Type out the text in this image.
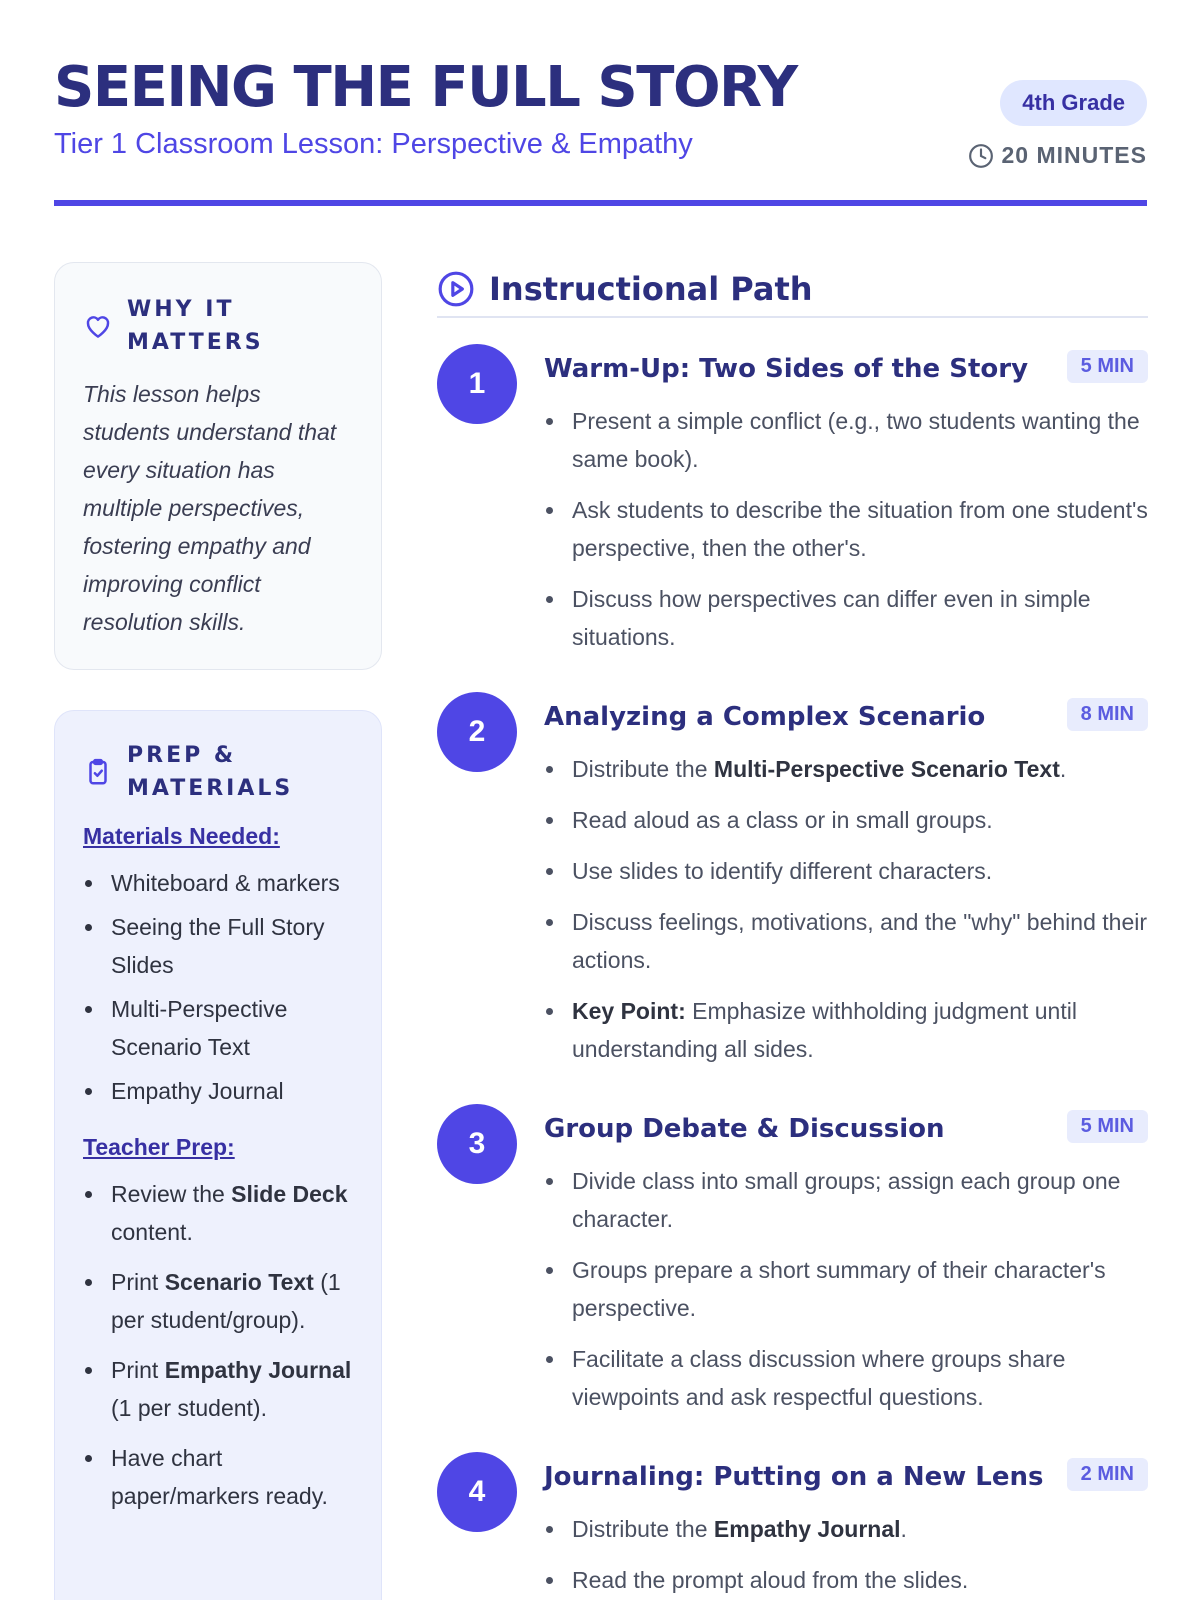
SEEING THE FULL STORY
Tier 1 Classroom Lesson: Perspective & Empathy
4th Grade
20 MINUTES
WHY IT MATTERS

This lesson helps students understand that every situation has multiple perspectives, fostering empathy and improving conflict resolution skills.

PREP & MATERIALS
Materials Needed:
Whiteboard & markers
Seeing the Full Story Slides
Multi-Perspective Scenario Text
Empathy Journal
Teacher Prep:
Review the Slide Deck content.
Print Scenario Text (1 per student/group).
Print Empathy Journal (1 per student).
Have chart paper/markers ready.
Instructional Path
1	Warm-Up: Two Sides of the Story	5 MIN
Present a simple conflict (e.g., two students wanting the same book).
Ask students to describe the situation from one student's perspective, then the other's.
Discuss how perspectives can differ even in simple situations.
2	Analyzing a Complex Scenario	8 MIN
Distribute the Multi-Perspective Scenario Text.
Read aloud as a class or in small groups.
Use slides to identify different characters.
Discuss feelings, motivations, and the "why" behind their actions.
Key Point: Emphasize withholding judgment until understanding all sides.
3	Group Debate & Discussion	5 MIN
Divide class into small groups; assign each group one character.
Groups prepare a short summary of their character's perspective.
Facilitate a class discussion where groups share viewpoints and ask respectful questions.
4	Journaling: Putting on a New Lens	2 MIN
Distribute the Empathy Journal.
Read the prompt aloud from the slides.
